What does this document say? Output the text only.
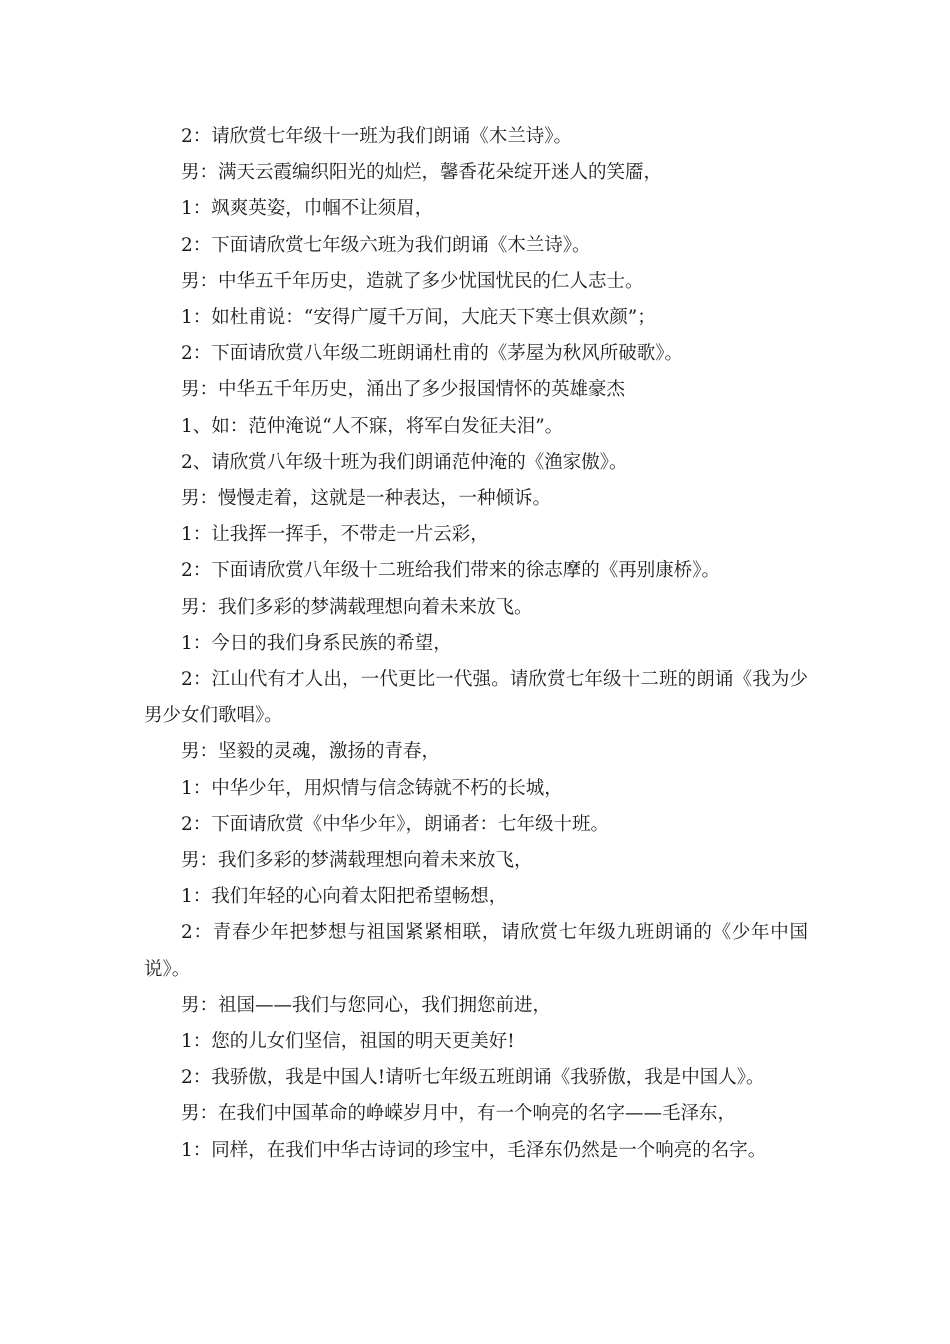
2：请欣赏七年级十一班为我们朗诵《木兰诗》。

男：满天云霞编织阳光的灿烂，馨香花朵绽开迷人的笑靥，

1：飒爽英姿，巾帼不让须眉，

2：下面请欣赏七年级六班为我们朗诵《木兰诗》。

男：中华五千年历史，造就了多少忧国忧民的仁人志士。

1：如杜甫说：“安得广厦千万间，大庇天下寒士俱欢颜”；

2：下面请欣赏八年级二班朗诵杜甫的《茅屋为秋风所破歌》。

男：中华五千年历史，涌出了多少报国情怀的英雄豪杰

1、如：范仲淹说“人不寐，将军白发征夫泪”。

2、请欣赏八年级十班为我们朗诵范仲淹的《渔家傲》。

男：慢慢走着，这就是一种表达，一种倾诉。

1：让我挥一挥手，不带走一片云彩，

2：下面请欣赏八年级十二班给我们带来的徐志摩的《再别康桥》。

男：我们多彩的梦满载理想向着未来放飞。

1：今日的我们身系民族的希望，

2：江山代有才人出，一代更比一代强。请欣赏七年级十二班的朗诵《我为少男少女们歌唱》。

男：坚毅的灵魂，激扬的青春，

1：中华少年，用炽情与信念铸就不朽的长城，

2：下面请欣赏《中华少年》，朗诵者：七年级十班。

男：我们多彩的梦满载理想向着未来放飞，

1：我们年轻的心向着太阳把希望畅想，

2：青春少年把梦想与祖国紧紧相联，请欣赏七年级九班朗诵的《少年中国说》。

男：祖国——我们与您同心，我们拥您前进，

1：您的儿女们坚信，祖国的明天更美好!

2：我骄傲，我是中国人!请听七年级五班朗诵《我骄傲，我是中国人》。

男：在我们中国革命的峥嵘岁月中，有一个响亮的名字——毛泽东，

1：同样，在我们中华古诗词的珍宝中，毛泽东仍然是一个响亮的名字。
